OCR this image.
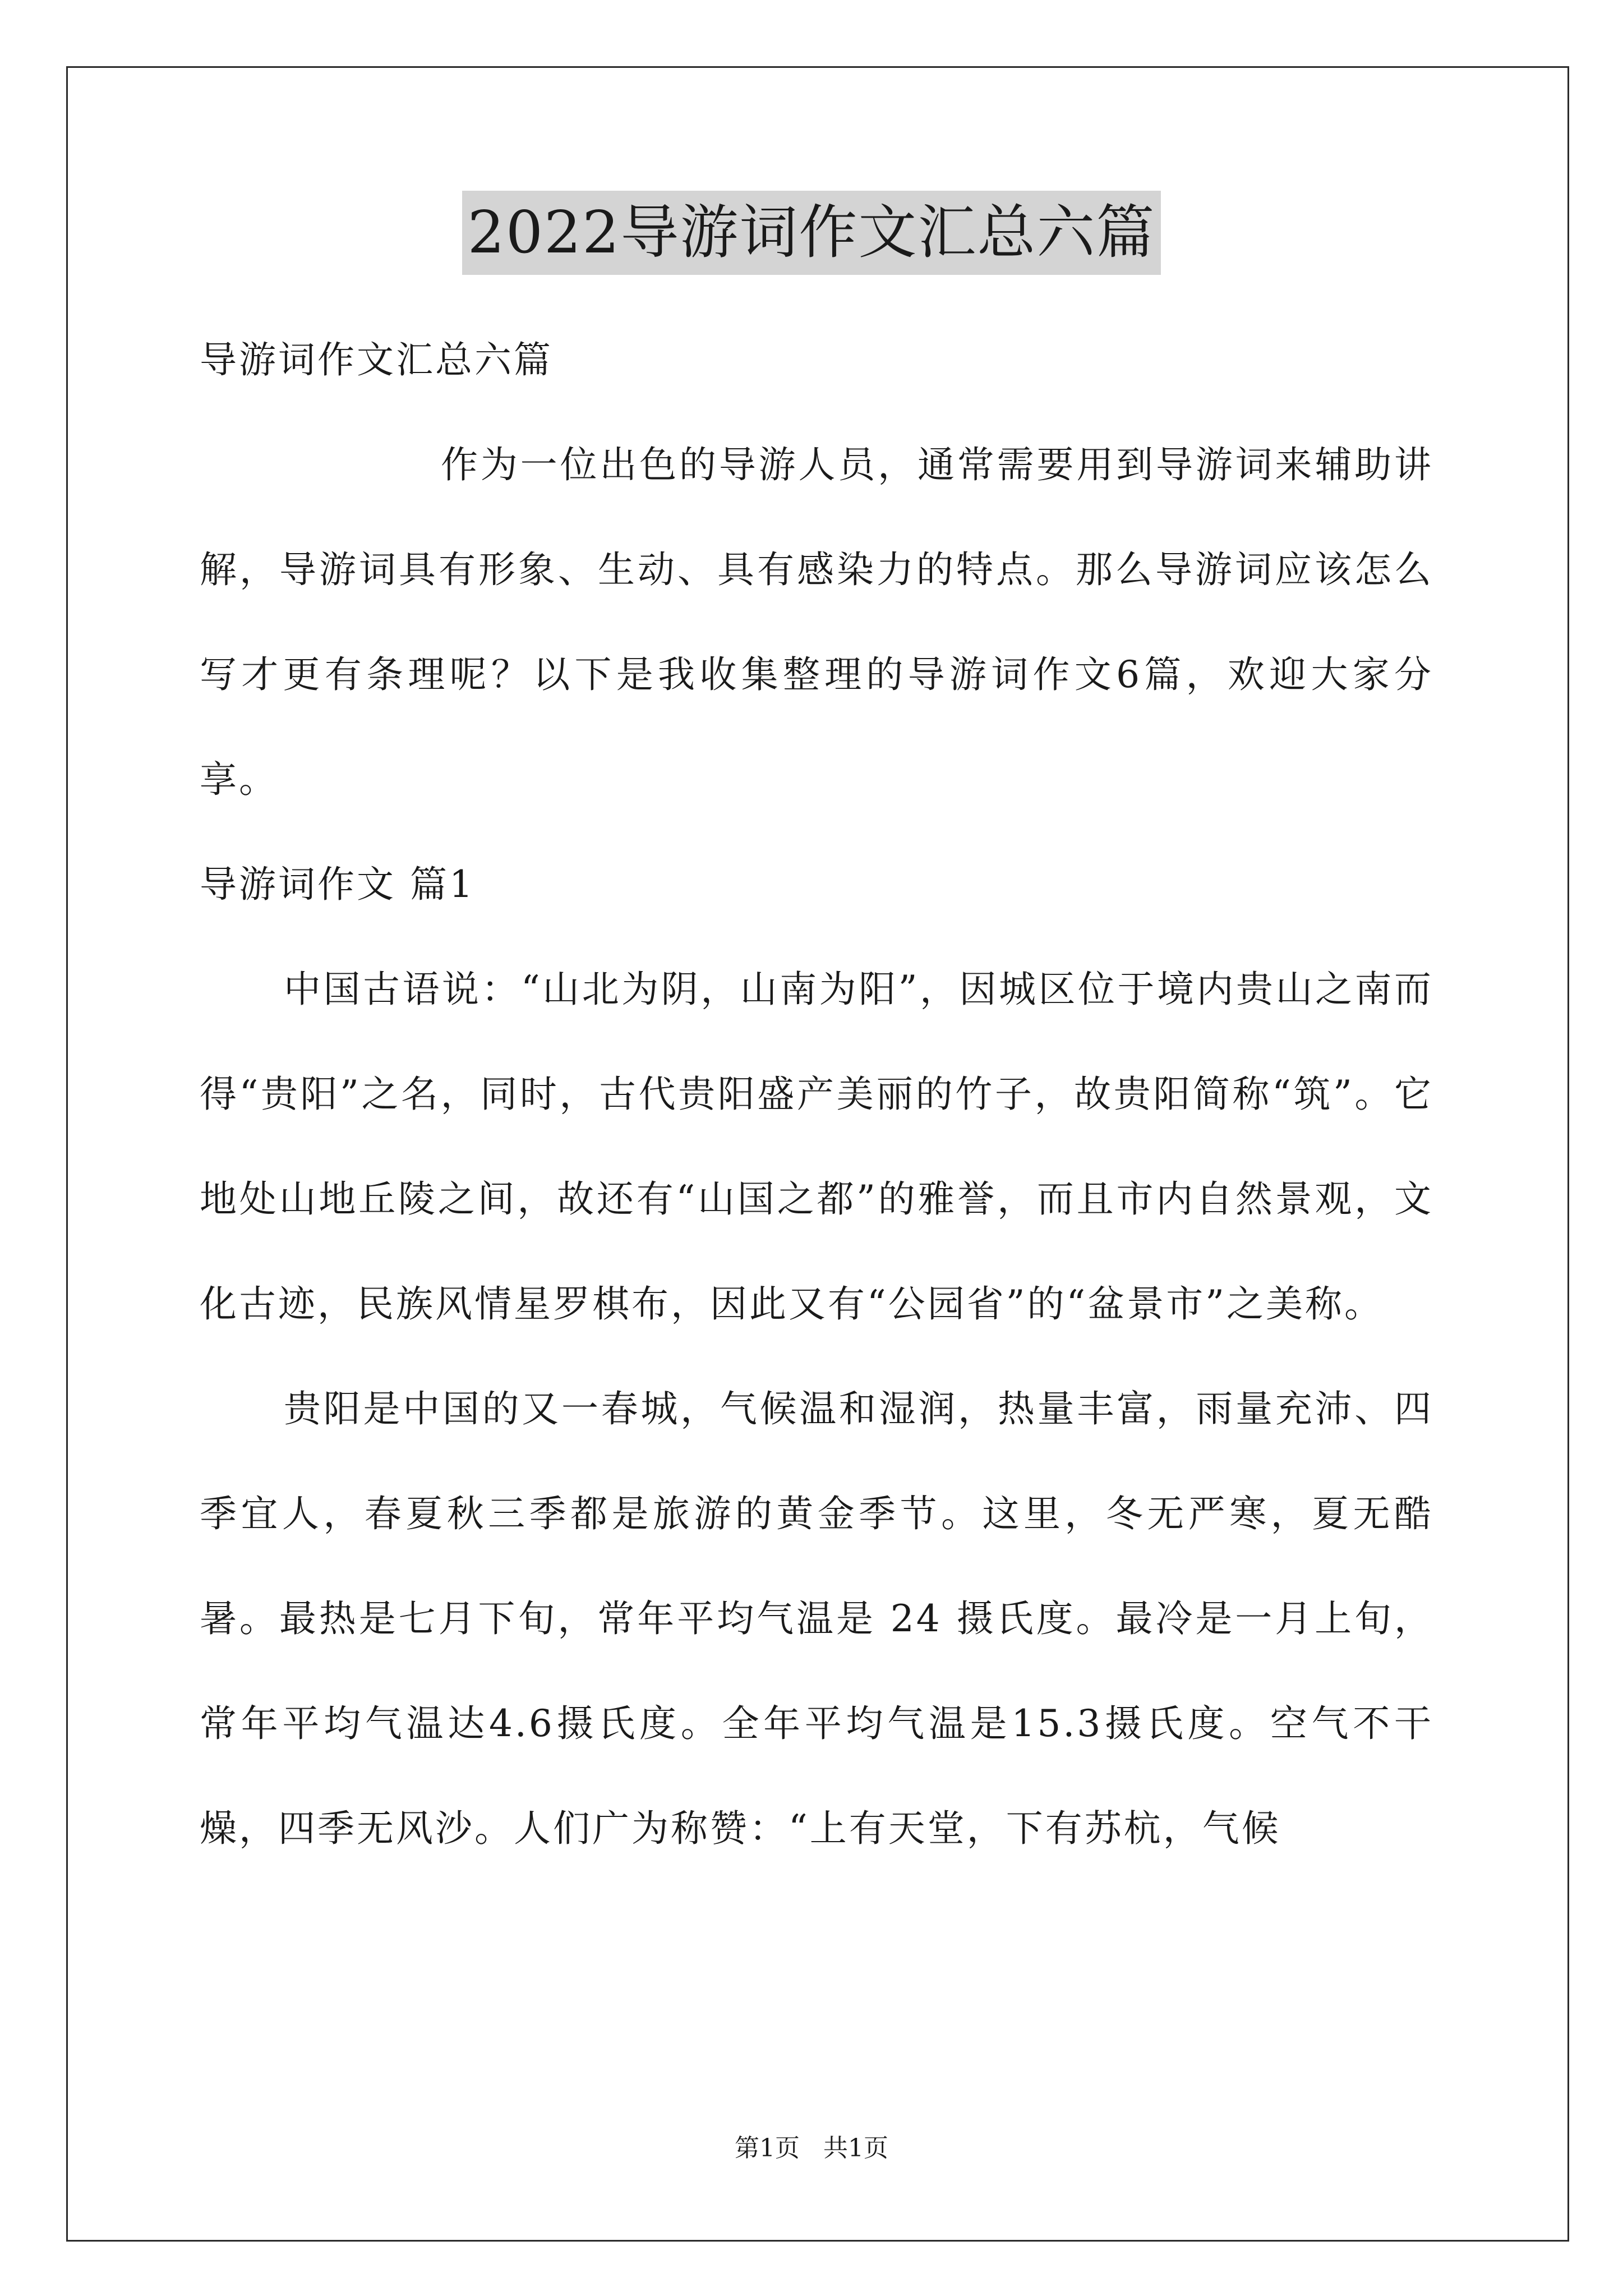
2022导游词作文汇总六篇

导游词作文汇总六篇

作为一位出色的导游人员，通常需要用到导游词来辅助讲解，导游词具有形象、生动、具有感染力的特点。那么导游词应该怎么写才更有条理呢？以下是我收集整理的导游词作文6篇，欢迎大家分享。

导游词作文 篇1

中国古语说：“山北为阴，山南为阳”，因城区位于境内贵山之南而得“贵阳”之名，同时，古代贵阳盛产美丽的竹子，故贵阳简称“筑”。它地处山地丘陵之间，故还有“山国之都”的雅誉，而且市内自然景观，文化古迹，民族风情星罗棋布，因此又有“公园省”的“盆景市”之美称。

贵阳是中国的又一春城，气候温和湿润，热量丰富，雨量充沛、四季宜人，春夏秋三季都是旅游的黄金季节。这里，冬无严寒，夏无酷暑。最热是七月下旬，常年平均气温是 24 摄氏度。最冷是一月上旬，常年平均气温达4.6摄氏度。全年平均气温是15.3摄氏度。空气不干燥，四季无风沙。人们广为称赞：“上有天堂，下有苏杭，气候

第1页 共1页
